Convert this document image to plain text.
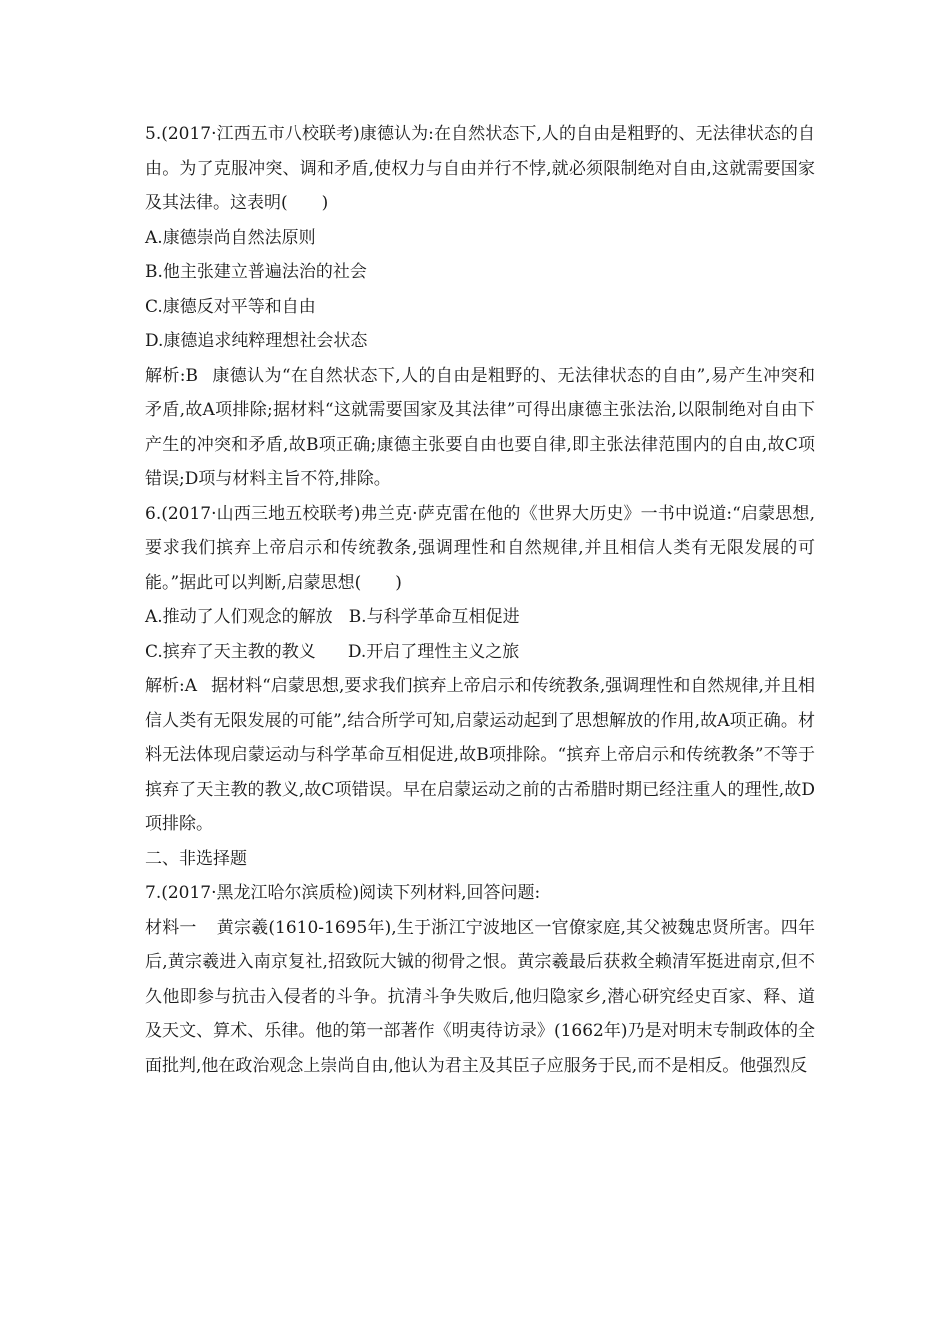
5.(2017·江西五市八校联考)康德认为:在自然状态下,人的自由是粗野的、无法律状态的自由。为了克服冲突、调和矛盾,使权力与自由并行不悖,就必须限制绝对自由,这就需要国家及其法律。这表明(　　)

A.康德崇尚自然法原则

B.他主张建立普遍法治的社会

C.康德反对平等和自由

D.康德追求纯粹理想社会状态

解析:B 康德认为“在自然状态下,人的自由是粗野的、无法律状态的自由”,易产生冲突和矛盾,故A项排除;据材料“这就需要国家及其法律”可得出康德主张法治,以限制绝对自由下产生的冲突和矛盾,故B项正确;康德主张要自由也要自律,即主张法律范围内的自由,故C项错误;D项与材料主旨不符,排除。

6.(2017·山西三地五校联考)弗兰克·萨克雷在他的《世界大历史》一书中说道:“启蒙思想,要求我们摈弃上帝启示和传统教条,强调理性和自然规律,并且相信人类有无限发展的可能。”据此可以判断,启蒙思想(　　)

A.推动了人们观念的解放 B.与科学革命互相促进

C.摈弃了天主教的教义 D.开启了理性主义之旅

解析:A 据材料“启蒙思想,要求我们摈弃上帝启示和传统教条,强调理性和自然规律,并且相信人类有无限发展的可能”,结合所学可知,启蒙运动起到了思想解放的作用,故A项正确。材料无法体现启蒙运动与科学革命互相促进,故B项排除。“摈弃上帝启示和传统教条”不等于摈弃了天主教的教义,故C项错误。早在启蒙运动之前的古希腊时期已经注重人的理性,故D项排除。

二、非选择题

7.(2017·黑龙江哈尔滨质检)阅读下列材料,回答问题:

材料一 黄宗羲(1610-1695年),生于浙江宁波地区一官僚家庭,其父被魏忠贤所害。四年后,黄宗羲进入南京复社,招致阮大铖的彻骨之恨。黄宗羲最后获救全赖清军挺进南京,但不久他即参与抗击入侵者的斗争。抗清斗争失败后,他归隐家乡,潜心研究经史百家、释、道及天文、算术、乐律。他的第一部著作《明夷待访录》(1662年)乃是对明末专制政体的全面批判,他在政治观念上崇尚自由,他认为君主及其臣子应服务于民,而不是相反。他强烈反
